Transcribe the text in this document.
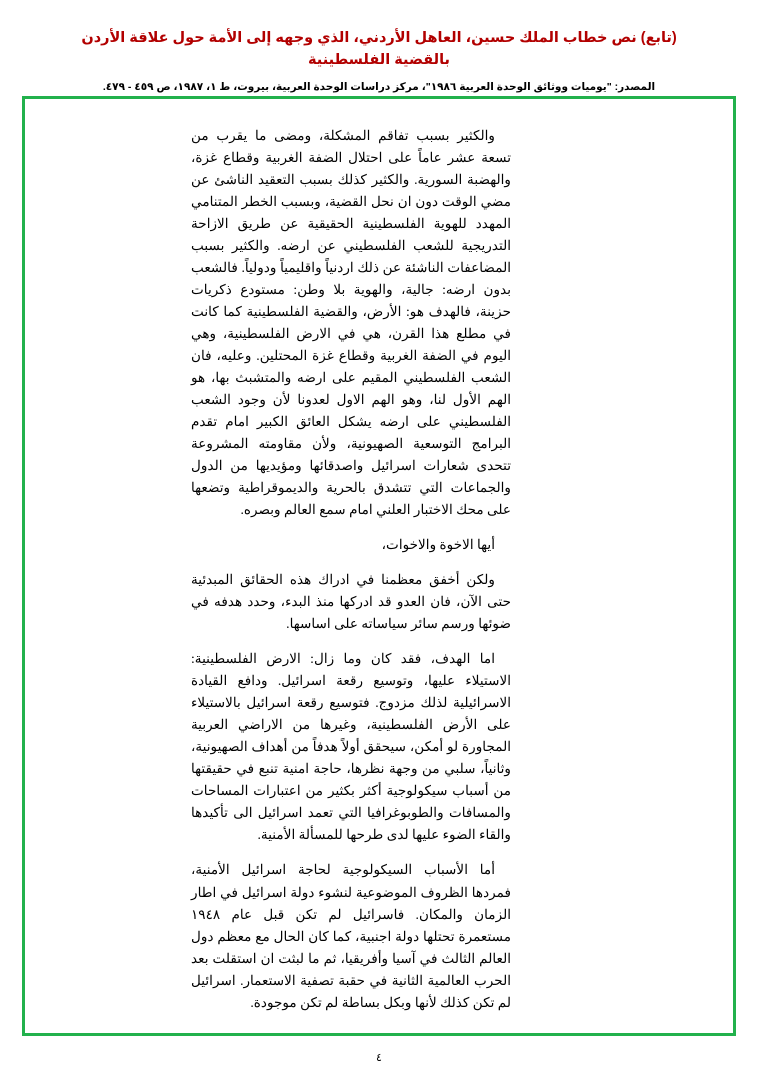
(تابع) نص خطاب الملك حسين، العاهل الأردني، الذي وجهه إلى الأمة حول علاقة الأردن بالقضية الفلسطينية
المصدر: "يوميات ووثائق الوحدة العربية ١٩٨٦"، مركز دراسات الوحدة العربية، بيروت، ط ١، ١٩٨٧، ص ٤٥٩ - ٤٧٩.

والكثير بسبب تفاقم المشكلة، ومضى ما يقرب من تسعة عشر عاماً على احتلال الضفة الغربية وقطاع غزة، والهضبة السورية. والكثير كذلك بسبب التعقيد الناشئ عن مضي الوقت دون ان نحل القضية، وبسبب الخطر المتنامي المهدد للهوية الفلسطينية الحقيقية عن طريق الازاحة التدريجية للشعب الفلسطيني عن ارضه. والكثير بسبب المضاعفات الناشئة عن ذلك اردنياً واقليمياً ودولياً. فالشعب بدون ارضه: جالية، والهوية بلا وطن: مستودع ذكريات حزينة، فالهدف هو: الأرض، والقضية الفلسطينية كما كانت في مطلع هذا القرن، هي في الارض الفلسطينية، وهي اليوم في الضفة الغربية وقطاع غزة المحتلين. وعليه، فان الشعب الفلسطيني المقيم على ارضه والمتشبث بها، هو الهم الأول لنا، وهو الهم الاول لعدونا لأن وجود الشعب الفلسطيني على ارضه يشكل العائق الكبير امام تقدم البرامج التوسعية الصهيونية، ولأن مقاومته المشروعة تتحدى شعارات اسرائيل واصدقائها ومؤيديها من الدول والجماعات التي تتشدق بالحرية والديموقراطية وتضعها على محك الاختبار العلني امام سمع العالم وبصره.

أيها الاخوة والاخوات،

ولكن أخفق معظمنا في ادراك هذه الحقائق المبدئية حتى الآن، فان العدو قد ادركها منذ البدء، وحدد هدفه في ضوئها ورسم سائر سياساته على اساسها.

اما الهدف، فقد كان وما زال: الارض الفلسطينية: الاستيلاء عليها، وتوسيع رقعة اسرائيل. ودافع القيادة الاسرائيلية لذلك مزدوج. فتوسيع رقعة اسرائيل بالاستيلاء على الأرض الفلسطينية، وغيرها من الاراضي العربية المجاورة لو أمكن، سيحقق أولاً هدفاً من أهداف الصهيونية، وثانياً، سلبي من وجهة نظرها، حاجة امنية تنبع في حقيقتها من أسباب سيكولوجية أكثر بكثير من اعتبارات المساحات والمسافات والطوبوغرافيا التي تعمد اسرائيل الى تأكيدها والقاء الضوء عليها لدى طرحها للمسألة الأمنية.

أما الأسباب السيكولوجية لحاجة اسرائيل الأمنية، فمردها الظروف الموضوعية لنشوء دولة اسرائيل في اطار الزمان والمكان. فاسرائيل لم تكن قبل عام ١٩٤٨ مستعمرة تحتلها دولة اجنبية، كما كان الحال مع معظم دول العالم الثالث في آسيا وأفريقيا، ثم ما لبثت ان استقلت بعد الحرب العالمية الثانية في حقبة تصفية الاستعمار. اسرائيل لم تكن كذلك لأنها وبكل بساطة لم تكن موجودة.

٤
